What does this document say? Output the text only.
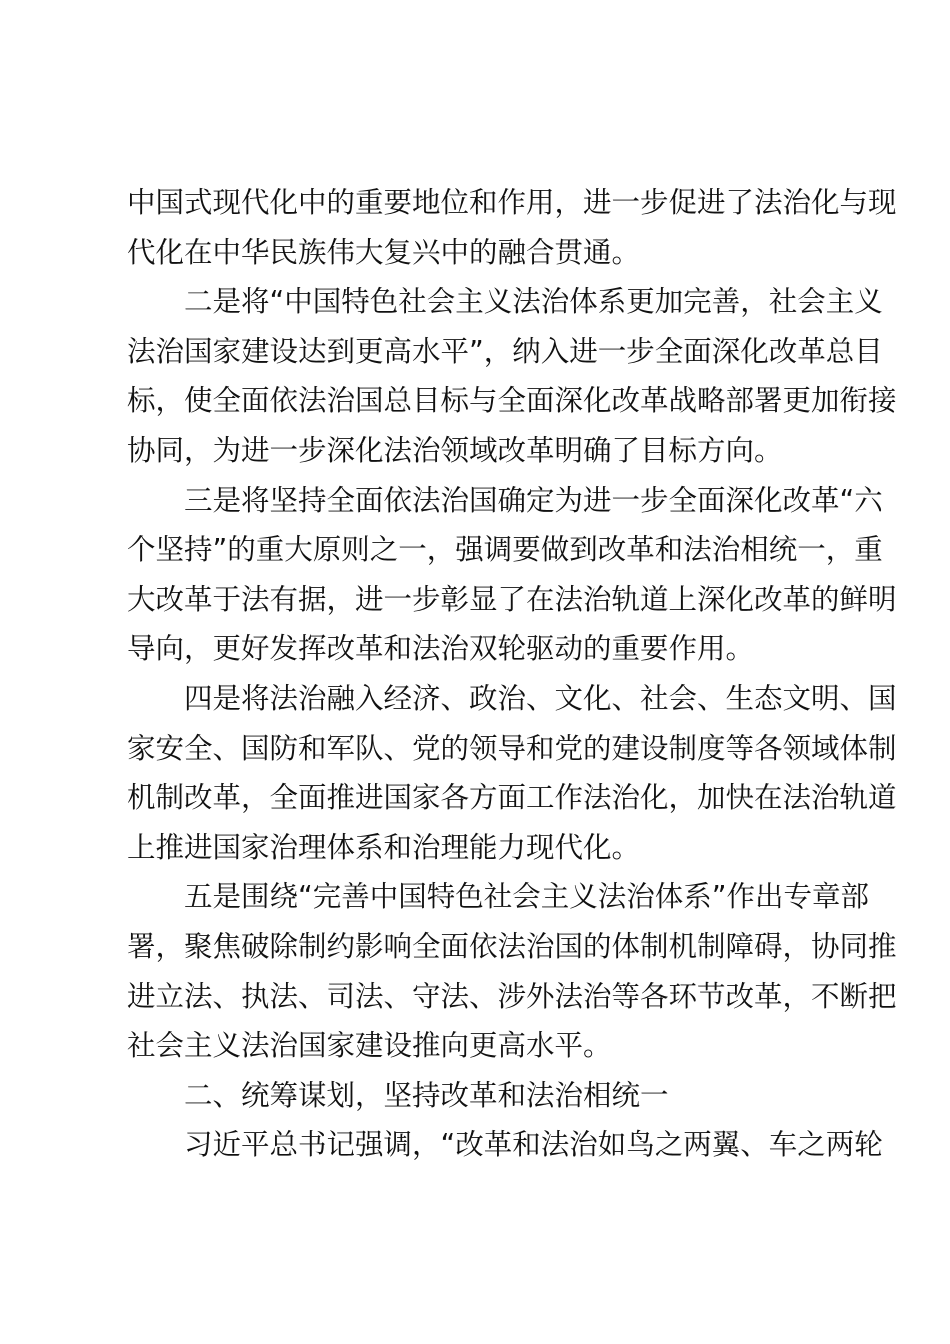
中国式现代化中的重要地位和作用，进一步促进了法治化与现
代化在中华民族伟大复兴中的融合贯通。

二是将“中国特色社会主义法治体系更加完善，社会主义
法治国家建设达到更高水平”，纳入进一步全面深化改革总目
标，使全面依法治国总目标与全面深化改革战略部署更加衔接
协同，为进一步深化法治领域改革明确了目标方向。

三是将坚持全面依法治国确定为进一步全面深化改革“六
个坚持”的重大原则之一，强调要做到改革和法治相统一，重
大改革于法有据，进一步彰显了在法治轨道上深化改革的鲜明
导向，更好发挥改革和法治双轮驱动的重要作用。

四是将法治融入经济、政治、文化、社会、生态文明、国
家安全、国防和军队、党的领导和党的建设制度等各领域体制
机制改革，全面推进国家各方面工作法治化，加快在法治轨道
上推进国家治理体系和治理能力现代化。

五是围绕“完善中国特色社会主义法治体系”作出专章部
署，聚焦破除制约影响全面依法治国的体制机制障碍，协同推
进立法、执法、司法、守法、涉外法治等各环节改革，不断把
社会主义法治国家建设推向更高水平。

二、统筹谋划，坚持改革和法治相统一

习近平总书记强调，“改革和法治如鸟之两翼、车之两轮
